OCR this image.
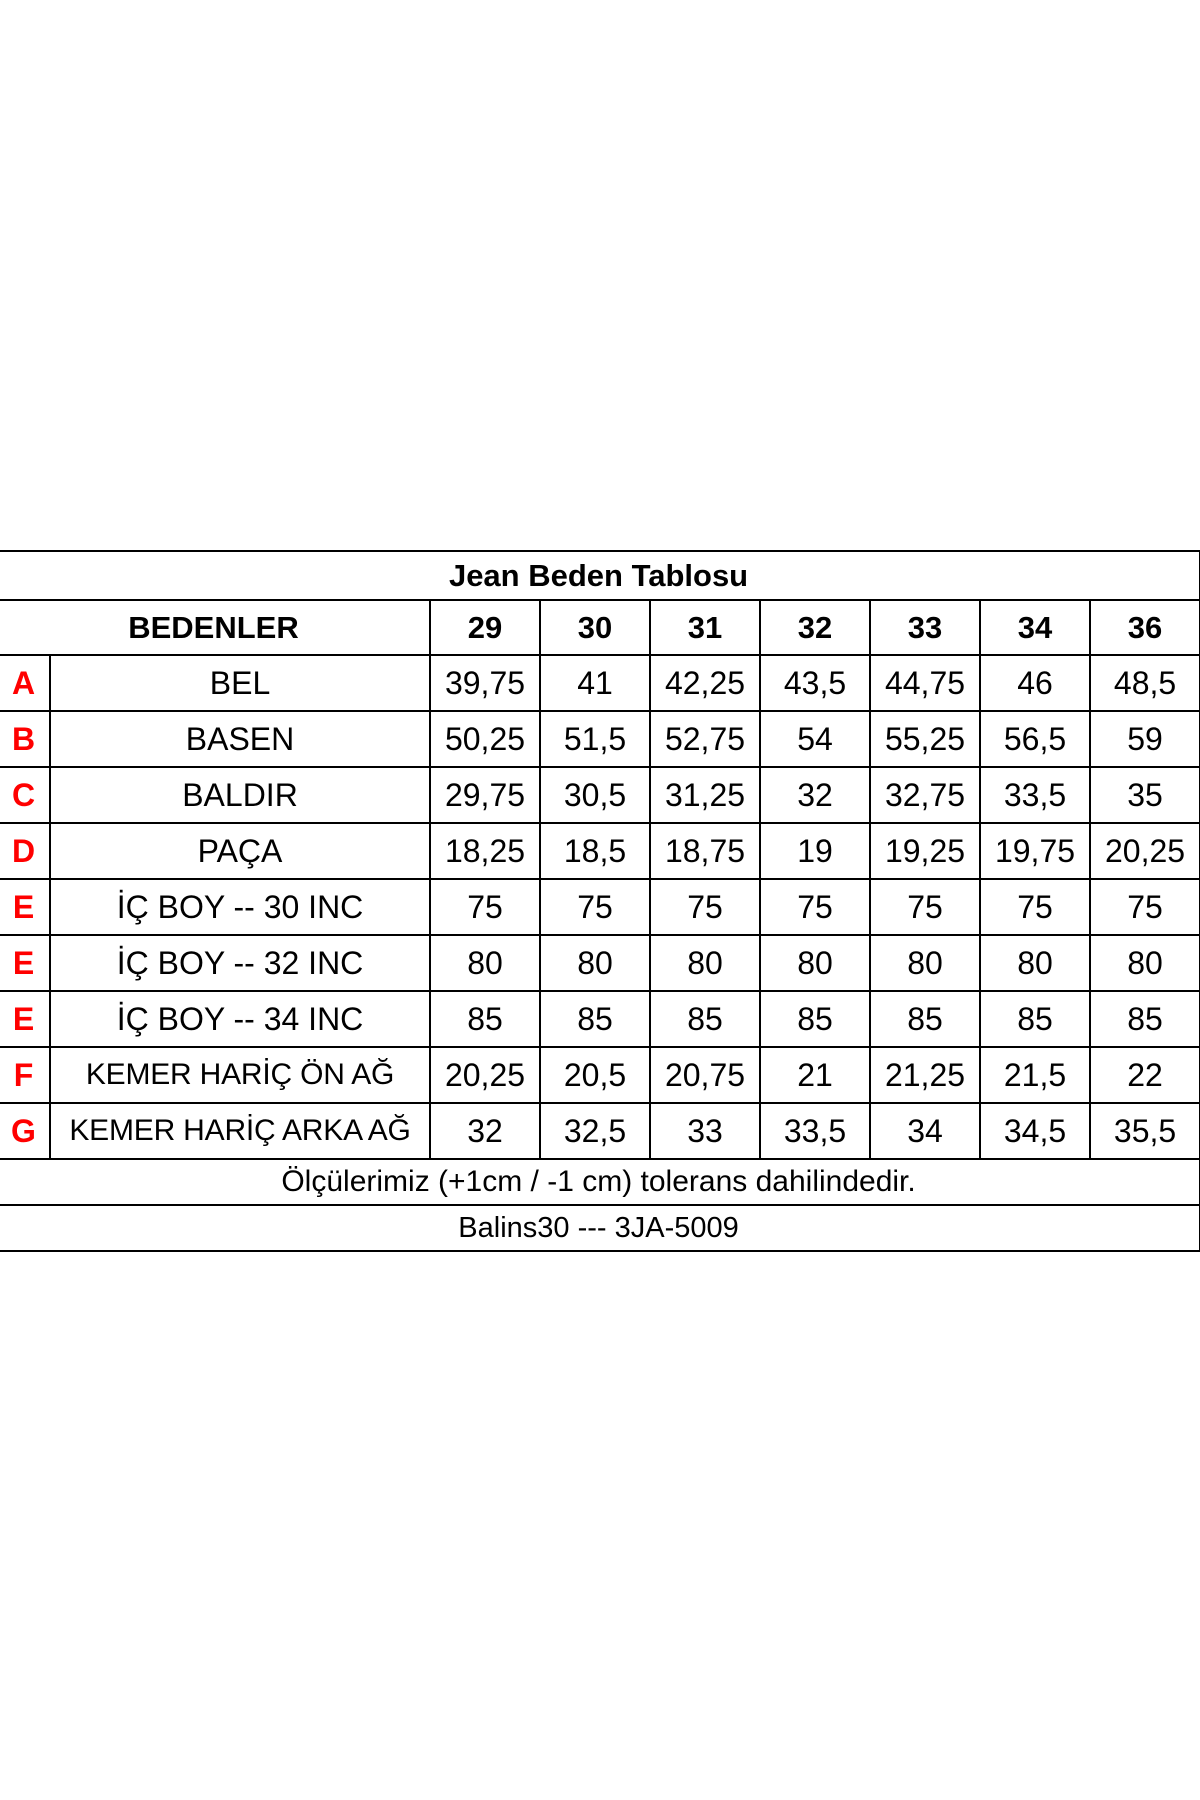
Jean Beden Tablosu								
BEDENLER		29	30	31	32	33	34	36
A	BEL	39,75	41	42,25	43,5	44,75	46	48,5
B	BASEN	50,25	51,5	52,75	54	55,25	56,5	59
C	BALDIR	29,75	30,5	31,25	32	32,75	33,5	35
D	PAÇA	18,25	18,5	18,75	19	19,25	19,75	20,25
E	İÇ BOY -- 30 INC	75	75	75	75	75	75	75
E	İÇ BOY -- 32 INC	80	80	80	80	80	80	80
E	İÇ BOY -- 34 INC	85	85	85	85	85	85	85
F	KEMER HARİÇ ÖN AĞ	20,25	20,5	20,75	21	21,25	21,5	22
G	KEMER HARİÇ ARKA AĞ	32	32,5	33	33,5	34	34,5	35,5
Ölçülerimiz (+1cm / -1 cm) tolerans dahilindedir.								
Balins30 --- 3JA-5009								
